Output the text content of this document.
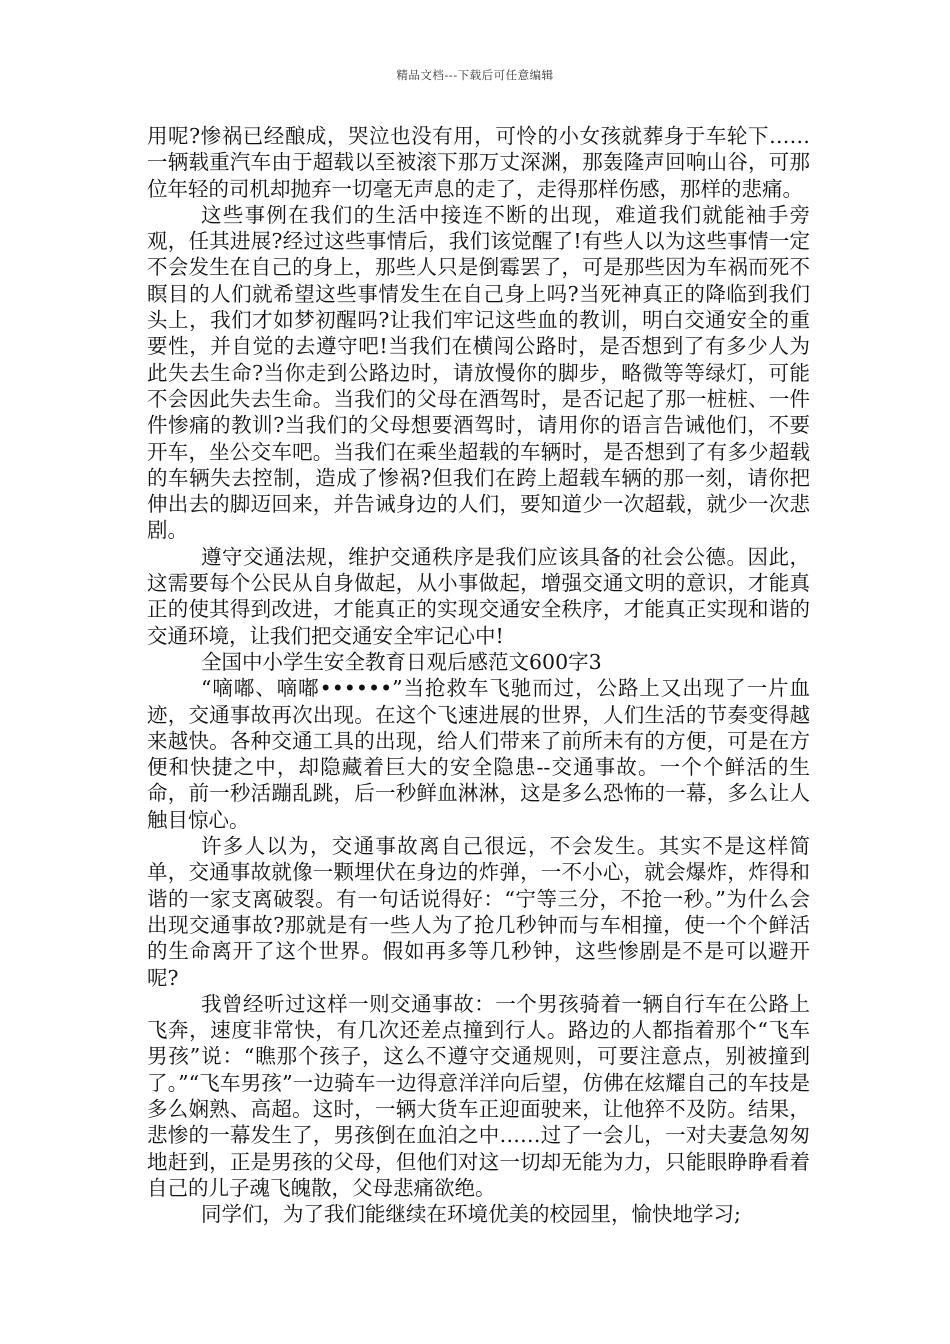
精品文档---下载后可任意编辑

用呢?惨祸已经酿成，哭泣也没有用，可怜的小女孩就葬身于车轮下……一辆载重汽车由于超载以至被滚下那万丈深渊，那轰隆声回响山谷，可那位年轻的司机却抛弃一切毫无声息的走了，走得那样伤感，那样的悲痛。

这些事例在我们的生活中接连不断的出现，难道我们就能袖手旁观，任其进展?经过这些事情后，我们该觉醒了!有些人以为这些事情一定不会发生在自己的身上，那些人只是倒霉罢了，可是那些因为车祸而死不瞑目的人们就希望这些事情发生在自己身上吗?当死神真正的降临到我们头上，我们才如梦初醒吗?让我们牢记这些血的教训，明白交通安全的重要性，并自觉的去遵守吧!当我们在横闯公路时，是否想到了有多少人为此失去生命?当你走到公路边时，请放慢你的脚步，略微等等绿灯，可能不会因此失去生命。当我们的父母在酒驾时，是否记起了那一桩桩、一件件惨痛的教训?当我们的父母想要酒驾时，请用你的语言告诫他们，不要开车，坐公交车吧。当我们在乘坐超载的车辆时，是否想到了有多少超载的车辆失去控制，造成了惨祸?但我们在跨上超载车辆的那一刻，请你把伸出去的脚迈回来，并告诫身边的人们，要知道少一次超载，就少一次悲剧。

遵守交通法规，维护交通秩序是我们应该具备的社会公德。因此，这需要每个公民从自身做起，从小事做起，增强交通文明的意识，才能真正的使其得到改进，才能真正的实现交通安全秩序，才能真正实现和谐的交通环境，让我们把交通安全牢记心中!

全国中小学生安全教育日观后感范文600字3

“嘀嘟、嘀嘟••••••”当抢救车飞驰而过，公路上又出现了一片血迹，交通事故再次出现。在这个飞速进展的世界，人们生活的节奏变得越来越快。各种交通工具的出现，给人们带来了前所未有的方便，可是在方便和快捷之中，却隐藏着巨大的安全隐患--交通事故。一个个鲜活的生命，前一秒活蹦乱跳，后一秒鲜血淋淋，这是多么恐怖的一幕，多么让人触目惊心。

许多人以为，交通事故离自己很远，不会发生。其实不是这样简单，交通事故就像一颗埋伏在身边的炸弹，一不小心，就会爆炸，炸得和谐的一家支离破裂。有一句话说得好：“宁等三分，不抢一秒。”为什么会出现交通事故?那就是有一些人为了抢几秒钟而与车相撞，使一个个鲜活的生命离开了这个世界。假如再多等几秒钟，这些惨剧是不是可以避开呢?

我曾经听过这样一则交通事故：一个男孩骑着一辆自行车在公路上飞奔，速度非常快，有几次还差点撞到行人。路边的人都指着那个“飞车男孩”说：“瞧那个孩子，这么不遵守交通规则，可要注意点，别被撞到了。”“飞车男孩”一边骑车一边得意洋洋向后望，仿佛在炫耀自己的车技是多么娴熟、高超。这时，一辆大货车正迎面驶来，让他猝不及防。结果，悲惨的一幕发生了，男孩倒在血泊之中……过了一会儿，一对夫妻急匆匆地赶到，正是男孩的父母，但他们对这一切却无能为力，只能眼睁睁看着自己的儿子魂飞魄散，父母悲痛欲绝。

同学们，为了我们能继续在环境优美的校园里，愉快地学习;
